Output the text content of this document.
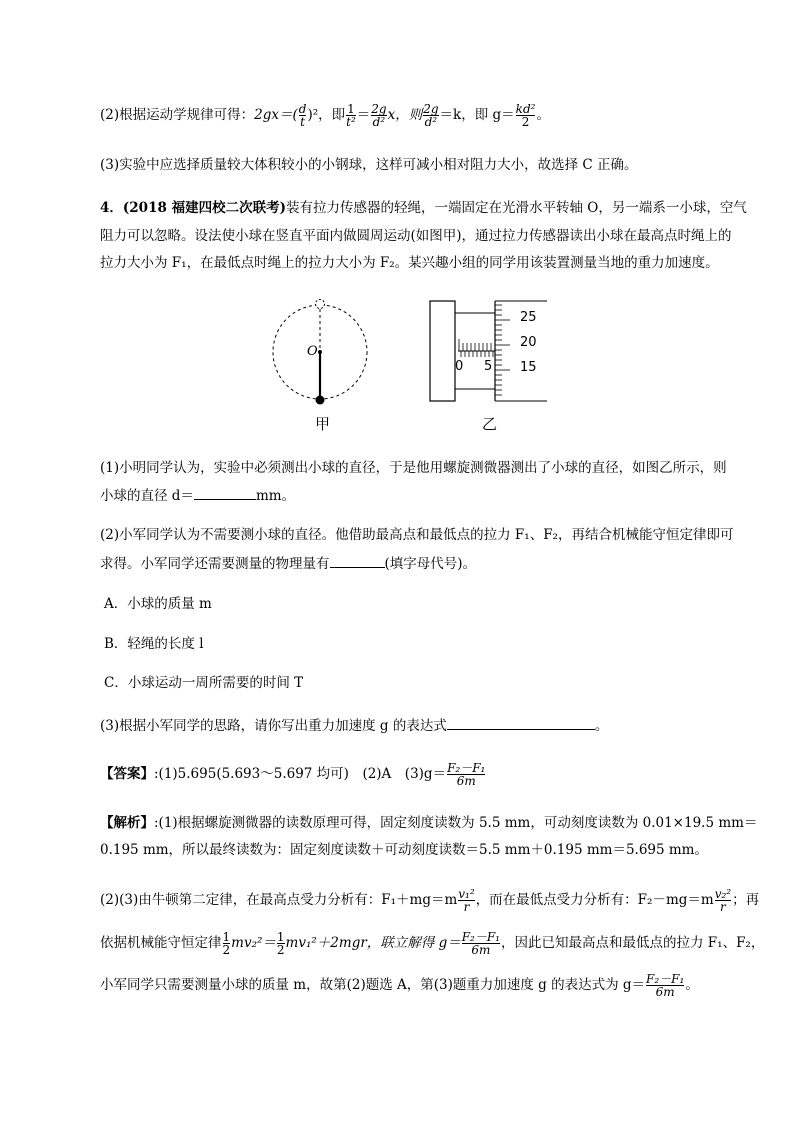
(2)根据运动学规律可得：$2gx=( \frac{d}{t} )^2$，即 $\frac{1}{\text{t²}} = \frac{2g}{\text{d²}}$ x，则 $\frac{2g}{\text{d²}} =k$，即 $g= \frac{\text{kd²}}{2}$ 。
(3)实验中应选择质量较大体积较小的小钢球，这样可减小相对阻力大小，故选择 C 正确。
4．(2018 福建四校二次联考)装有拉力传感器的轻绳，一端固定在光滑水平转轴 O，另一端系一小球，空气
阻力可以忽略。设法使小球在竖直平面内做圆周运动(如图甲)，通过拉力传感器读出小球在最高点时绳上的
拉力大小为 F₁，在最低点时绳上的拉力大小为 F₂。某兴趣小组的同学用该装置测量当地的重力加速度。
O
甲
25
20
15
0 5
乙
(1)小明同学认为，实验中必须测出小球的直径，于是他用螺旋测微器测出了小球的直径，如图乙所示，则
小球的直径 d＝	mm。
(2)小军同学认为不需要测小球的直径。他借助最高点和最低点的拉力 F₁、F₂，再结合机械能守恒定律即可
求得。小军同学还需要测量的物理量有	(填字母代号)。
A．小球的质量 m
B．轻绳的长度 l
C．小球运动一周所需要的时间 T
(3)根据小军同学的思路，请你写出重力加速度 g 的表达式	。
【答案】:(1)5.695(5.693～5.697 均可)　(2)A　$(3)g= \frac{\text{F₂－F₁}}{6m}$
【解析】:(1)根据螺旋测微器的读数原理可得，固定刻度读数为 5.5 mm，可动刻度读数为 0.01×19.5 mm＝
0.195 mm，所以最终读数为：固定刻度读数＋可动刻度读数＝5.5 mm＋0.195 mm＝5.695 mm。
(2)(3)由牛顿第二定律，在最高点受力分析有：$F_1+mg=m \frac{\text{v₁²}}{r}$ ，而在最低点受力分析有：$F_2-mg=m \frac{\text{v₂²}}{r}$ ；再
依据机械能守恒定律 $\frac{1}{2} mv_2^2= \frac{1}{2} mv_1^2+2mgr$，联立解得 $g= \frac{\text{F₂－F₁}}{6m}$ ，因此已知最高点和最低点的拉力 F₁、F₂，
小军同学只需要测量小球的质量 m，故第(2)题选 A，第(3)题重力加速度 g 的表达式为 $g= \frac{\text{F₂－F₁}}{6m}$ 。
